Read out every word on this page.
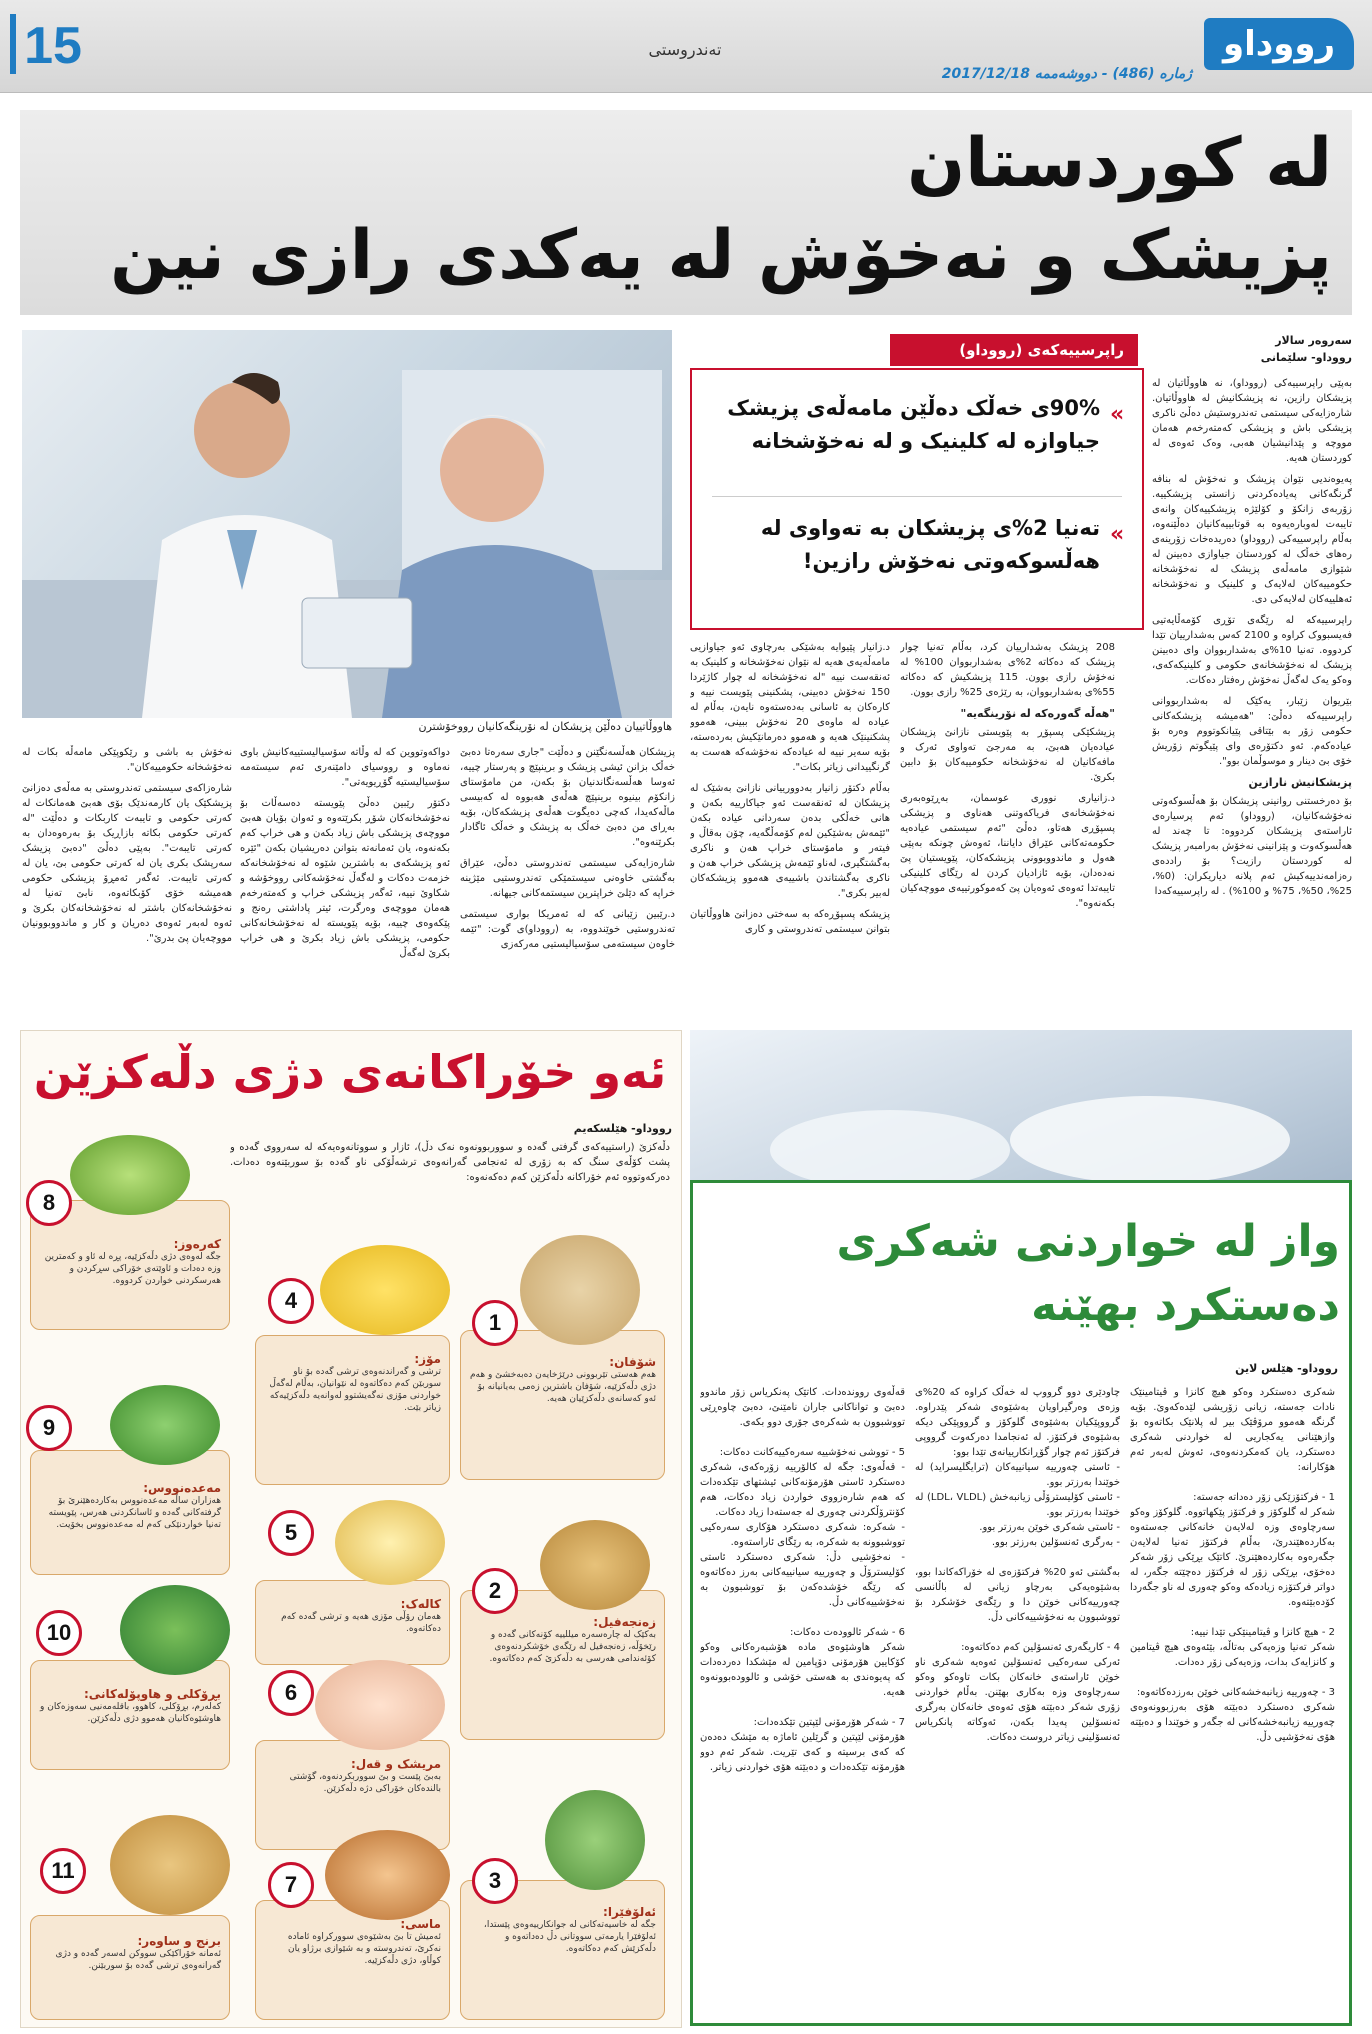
15	تەندروستی	رووداو
ژمارە (486) - دووشەممە 2017/12/18
لە کوردستان
پزیشک و نەخۆش لە یەکدی رازی نین
هاووڵاتییان دەڵێن پزیشکان لە نۆرینگەکانیان رووخۆشترن
راپرسییەکەی (رووداو)
«
90%ی خەڵک دەڵێن مامەڵەی پزیشک جیاوازە لە کلینیک و لە نەخۆشخانە
«
تەنیا 2%ی پزیشکان بە تەواوی لە هەڵسوکەوتی نەخۆش رازین!
سەروەر سالار
رووداو- سلێمانی

بەپێی راپرسییەکی (رووداو)، نە هاووڵاتیان لە پزیشکان رازین، نە پزیشکانیش لە هاووڵاتیان. شارەزایەکی سیستمی تەندروستیش دەڵێ ناکری پزیشکی باش و پزیشکی کەمتەرخەم هەمان مووچە و پێدانیشیان هەبی، وەک ئەوەی لە کوردستان هەیە.

پەیوەندیی نێوان پزیشک و نەخۆش لە بنافە گرنگەکانی پەیادەکردنی زانستی پزیشکییە. زۆربەی زانکۆ و کۆلێژە پزیشکییەکان وانەی تایبەت لەوبارەیەوە بە قوتابییەکانیان دەڵێنەوە، بەڵام راپرسییەکی (رووداو) دەریدەخات زۆرینەی رەهای خەڵک لە کوردستان جیاوازی دەبینن لە شێوازی مامەڵەی پزیشک لە نەخۆشخانە حکومییەکان لەلایەک و کلینیک و نەخۆشخانە ئەهلییەکان لەلایەکی دی.

راپرسییەکە لە رێگەی تۆڕی کۆمەڵایەتیی فەیسبووک کراوە و 2100 کەس بەشدارییان تێدا کردووە. تەنیا 10%ی بەشداربووان وای دەبینن پزیشک لە نەخۆشخانەی حکومی و کلینیکەکەی، وەکو یەک لەگەڵ نەخۆش رەفتار دەکات.

بێریوان زێبار، یەکێک لە بەشداربووانی راپرسییەکە دەڵێ: "هەمیشە پزیشکەکانی حکومی زۆر بە بێتاقی پێیانکوتووم وەرە بۆ عیادەکەم. ئەو دکتۆرەی وای پێیگوتم زۆریش خۆی بێ دینار و موسوڵمان بوو".

پزیشکانیش نارازین

بۆ دەرخستنی روانینی پزیشکان بۆ هەڵسوکەوتی نەخۆشەکانیان، (رووداو) ئەم پرسیارەی ئاراستەی پزیشکان کردووە: تا چەند لە هەڵسوکەوت و پێزانینی نەخۆش بەرامبەر پزیشک لە کوردستان رازیت؟ بۆ راددەی رەزامەندییەکیش ئەم پلانە دیاریکران: (0%، 25%، 50%، 75% و 100%) . لە راپرسییەکەدا

208 پزیشک بەشدارییان کرد، بەڵام تەنیا چوار پزیشک کە دەکاتە 2%ی بەشداربووان 100% لە نەخۆش رازی بوون. 115 پزیشکیش کە دەکاتە 55%ی بەشداربووان، بە رێژەی 25% رازی بوون.

"هەڵە گەورەکە لە نۆرینگەیە"

پزیشکێکی پسپۆڕ بە پێویستی نازانێ پزیشکان عیادەیان هەبێ، بە مەرجێ تەواوی ئەرک و مافەکانیان لە نەخۆشخانە حکومییەکان بۆ دابین بکرێ.

د.زانیاری نووری عوسمان، بەڕێوەبەری نەخۆشخانەی فریاکەوتنی هەناوی و پزیشکی پسپۆڕی هەتاو، دەڵێ "ئەم سیستمی عیادەیە حکومەتەکانی عێراق دایاننا، ئەوەش چونکە بەپێی هەول و ماندووبوونی پزیشکەکان، پێویستیان پێ نەدەدان، بۆیە ئازادیان کردن لە رێگای کلینیکی تایبەتدا ئەوەی ئەوەیان پێ کەموکورتییەی مووچەکیان بکەنەوە".

د.زانیار پێیوایە بەشێکی بەرچاوی ئەو جیاوازیی مامەڵەیەی هەیە لە نێوان نەخۆشخانە و کلینیک بە ئەنقەست نییە "لە نەخۆشخانە لە چوار کاژێردا 150 نەخۆش دەبینی، پشکنینی پێویست نییە و کارەکان بە ئاسانی بەدەستەوە نایەن، بەڵام لە عیادە لە ماوەی 20 نەخۆش ببینی، هەموو پشکنینێک هەیە و هەموو دەرمانێکیش بەردەستە، بۆیە سەیر نییە لە عیادەکە نەخۆشەکە هەست بە گرنگییدانی زیاتر بکات".

بەڵام دکتۆر زانیار بەدوورییانی نازانێ بەشێک لە پزیشکان لە ئەنقەست ئەو جیاکارییە بکەن و هانی خەڵکی بدەن سەردانی عیادە بکەن "ئێمەش بەشێکین لەم کۆمەڵگەیە، چۆن بەقاڵ و فیتەر و مامۆستای خراپ هەن و ناکری بەگشتگیری، لەناو ئێمەش پزیشکی خراپ هەن و ناکری بەگشتاندن باشییەی هەموو پزیشکەکان لەبیر بکری".

پزیشکە پسپۆڕەکە بە سەختی دەزانێ هاووڵاتیان بتوانن سیستمی تەندروستی و کاری

پزیشکان هەڵسەنگێنن و دەڵێت "جاری سەرەتا دەبێ خەڵک بزانن ئیشی پزیشک و برینپێچ و پەرستار چییە، ئەوسا هەڵسەنگاندنیان بۆ بکەن، من مامۆستای زانکۆم بینیوە برینپێچ هەڵەی هەبووە لە کەبیسی ماڵەکەیدا، کەچی دەیگوت هەڵەی پزیشکەکان، بۆیە بەڕای من دەبێ خەڵک بە پزیشک و خەڵک ئاگادار بکرێنەوە".

شارەزایەکی سیستمی تەندروستی دەڵێ، عێراق بەگشتی خاوەنی سیستمێکی تەندروستیی مێژینە خراپە کە دێلێ خراپترین سیستمەکانی جیهانە.

د.رێبین زێبانی کە لە ئەمریکا بواری سیستمی تەندروستیی خوێندووە، بە (رووداو)ی گوت: "ئێمە خاوەن سیستەمی سۆسیالیستیی مەرکەزی

دواکەوتووین کە لە وڵاتە سۆسیالیستییەکانیش باوی نەماوە و رووسیای دامێنەری ئەم سیستەمە سۆسیالیستیە گۆڕیویەتی".

دکتۆر رێبین دەڵێ پێویستە دەسەڵات بۆ نەخۆشخانەکان شۆڕ بکرێتەوە و ئەوان بۆیان هەبێ مووچەی پزیشکی باش زیاد بکەن و هی خراپ کەم بکەنەوە، یان ئەمانەتە بتوانن دەریشیان بکەن "ئێرە ئەو پزیشکەی بە باشترین شێوە لە نەخۆشخانەکە خزمەت دەکات و لەگەڵ نەخۆشەکانی رووخۆشە و شکاوێ نییە، ئەگەر پزیشکی خراپ و کەمتەرخەم هەمان مووچەی وەرگرت، ئیتر پاداشتی رەنج و پێکەوەی چییە، بۆیە پێویستە لە نەخۆشخانەکانی حکومی، پزیشکی باش زیاد بکرێ و هی خراپ بکرێ لەگەڵ

نەخۆش بە باشی و رێکوپێکی مامەڵە بکات لە نەخۆشخانە حکومییەکان".

شارەزاکەی سیستمی تەندروستی بە مەڵەی دەزانێ پزیشکێک یان کارمەندێک بۆی هەبێ هەمانکات لە کەرتی حکومی و تایبەت کاربکات و دەڵێت "لە کەرتی حکومی بکاتە بازاڕیک بۆ بەرەوەدان بە کەرتی تایبەت". بەپێی دەڵێ "دەبێ پزیشک سەرپشک بکری یان لە کەرتی حکومی بێ، یان لە کەرتی تایبەت. ئەگەر ئەمڕۆ پزیشکی حکومی هەمیشە خۆی کۆبکاتەوە، نابێ تەنیا لە نەخۆشخانەکان باشتر لە نەخۆشخانەکان بکرێ و ئەوە لەبەر ئەوەی دەریان و کار و ماندووبوونیان مووچەیان پێ بدرێ".

ئەو خۆراکانەی دژی دڵەکزێن
رووداو- هێلسکەیم
دڵەکزێ (راستییەکەی گرفتی گەدە و سووربوونەوە نەک دڵ)، ئازار و سووتانەوەیەکە لە سەرووی گەدە و پشت کۆڵەی سنگ کە بە زۆری لە ئەنجامی گەرانەوەی ترشەڵۆکی ناو گەدە بۆ سوربێنەوە دەدات. دەرکەوتووە ئەم خۆراکانە دڵەکزێن کەم دەکەنەوە:
شۆفان:
هەم هەستی تێربوونی درێژخایەن دەبەخشێ و هەم دژی دڵەکزێیە، شۆفان باشترین زەمی بەیانیانە بۆ ئەو کەسانەی دڵەکزێیان هەیە.
1
زەنجەفیل:
بەکێک لە چارەسەرە میللییە کۆنەکانی گەدە و رێخۆڵە، زەنجەفیل لە رێگەی خۆشکردنەوەی کۆئەندامی هەرسی بە دڵەکزێ کەم دەکاتەوە.
2
ئەلۆفێرا:
جگە لە خاسیەتەکانی لە جوانکارییەوەی پێستدا، ئەلۆفێرا یارمەتی سووتانی دڵ دەداتەوە و دڵەکزێش کەم دەکاتەوە.
3
مۆز:
ترشی و گەراندنەوەی ترشی گەدە بۆ ناو سوربێن کەم دەکاتەوە لە نێوانیان، بەڵام لەگەڵ خواردنی مۆزی نەگەیشتوو لەوانەیە دڵەکزێیەکە زیاتر بێت.
4
کالەک:
هەمان رۆڵی مۆزی هەیە و ترشی گەدە کەم دەکاتەوە.
5
مریشک و قەل:
بەبێ پێست و بێ سووربکردنەوە، گۆشتی بالندەکان خۆراکی دژە دڵەکزێن.
6
ماسی:
ئەمیش تا بێ بەشێوەی سوورکراوە ئامادە نەکرێ، تەندروستە و بە شێوازی برژاو یان کوڵاو، دژی دڵەکزێیە.
7
کەرەوز:
جگە لەوەی دژی دڵەکزێیە، پڕە لە ئاو و کەمترین وزە دەدات و ئاوێتەی خۆراکی سڕکردن و هەرسکردنی خواردن کردووە.
8
مەعدەنووس:
هەزاران ساڵە مەعدەنووس بەکاردەهێنرێ بۆ گرفتەکانی گەدە و ئاسانکردنی هەرس، پێویستە تەنیا خواردنێکی کەم لە مەعدەنووس بخۆیت.
9
بڕۆکلی و هاوپۆلەکانی:
کەلەرم، بڕۆکلی، کاهوو، باقلەمەنیی سەوزەکان و هاوشێوەکانیان هەموو دژی دڵەکزێن.
10
برنج و ساوەر:
ئەمانە خۆراکێکی سووکن لەسەر گەدە و دژی گەرانەوەی ترشی گەدە بۆ سوربێنن.
11
واز لە خواردنی شەکری
دەستکرد بهێنە
رووداو- هێلس لاین
شەکری دەستکرد وەکو هیچ کانزا و ڤیتامینێک نادات جەستە، زیانی زۆریشی لێدەکەوێ. بۆیە گرنگە هەموو مرۆڤێک بیر لە پلانێک بکاتەوە بۆ وازهێنانی یەکجاریی لە خواردنی شەکری دەستکرد، یان کەمکردنەوەی، ئەوش لەبەر ئەم هۆکارانە:

1 - فرکتۆزێکی زۆر دەداتە جەستە:
شەکر لە گلوکۆز و فرکتۆز پێکهاتووە. گلوکۆز وەکو سەرچاوەی وزە لەلایەن خانەکانی جەستەوە بەکاردەهێندرێ، بەڵام فرکتۆز تەنیا لەلایەن جگەرەوە بەکاردەهێنرێ. کاتێک بڕێکی زۆر شەکر دەخۆی، بڕێکی زۆر لە فرکتۆز دەچێتە جگەر، لە دواتر فرکتۆزە زیادەکە وەکو چەوری لە ناو جگەردا کۆدەبێتەوە.

2 - هیچ کانزا و ڤیتامینێکی تێدا نییە:
شەکر تەنیا وزەیەکی بەتاڵە، بێئەوەی هیچ ڤیتامین و کانزایەک بدات، وزەیەکی زۆر دەدات.

3 - چەورییە زیانبەخشەکانی خوێن بەرزدەکاتەوە:
شەکری دەستکرد دەبێتە هۆی بەرزبوونەوەی چەورییە زیانبەخشەکانی لە جگەر و خوێندا و دەبێتە هۆی نەخۆشیی دڵ.
چاودێری دوو گرووپ لە خەڵک کراوە کە 20%ی وزەی وەرگیراویان بەشێوەی شەکر پێدراوە. گرووپێکیان بەشێوەی گلوکۆز و گرووپێکی دیکە بەشێوەی فرکتۆز. لە ئەنجامدا دەرکەوت گرووپی فرکتۆز ئەم چوار گۆڕانکارییانەی تێدا بوو:
- ئاستی چەورییە سیانییەکان (ترایگلیسراید) لە خوێندا بەرزتر بوو.
- ئاستی کۆلیسترۆڵی زیانبەخش (LDL، VLDL) لە خوێندا بەرزتر بوو.
- ئاستی شەکری خوێن بەرزتر بوو.
- بەرگری ئەنسۆلین بەرزتر بوو.

بەگشتی ئەو 20% فرکتۆزەی لە خۆراکەکاندا بوو، بەشێوەیەکی بەرچاو زیانی لە باڵانسی چەورییەکانی خوێن دا و رێگەی خۆشکرد بۆ تووشبوون بە نەخۆشییەکانی دڵ.

4 - کاریگەری ئەنسۆلین کەم دەکاتەوە:
ئەرکی سەرەکیی ئەنسۆلین ئەوەیە شەکری ناو خوێن ئاراستەی خانەکان بکات تاوەکو وەکو سەرچاوەی وزە بەکاری بهێنن. بەڵام خواردنی زۆری شەکر دەبێتە هۆی ئەوەی خانەکان بەرگری ئەنسۆلین پەیدا بکەن، ئەوکاتە پانکریاس ئەنسۆلینی زیاتر دروست دەکات.
قەڵەوی رووندەدات. کاتێک پەنکریاس زۆر ماندوو دەبێ و تواناکانی جاران نامێنێ، دەبێ چاوەڕێی تووشبوون بە شەکرەی جۆری دوو بکەی.

5 - تووشی نەخۆشییە سەرەکییەکانت دەکات:
- قەڵەوی: جگە لە کالۆرییە زۆرەکەی، شەکری دەستکرد ئاستی هۆرمۆنەکانی ئیشتهای تێکدەدات کە هەم شارەزووی خواردن زیاد دەکات، هەم کۆنترۆڵکردنی چەوری لە جەستەدا زیاد دەکات.
- شەکرە: شەکری دەستکرد هۆکاری سەرەکیی تووشبوونە بە شەکرە، بە رێگای ئاراستەوە.
- نەخۆشیی دڵ: شەکری دەستکرد ئاستی کۆلیسترۆڵ و چەورییە سیانییەکانی بەرز دەکاتەوە کە رێگە خۆشدەکەن بۆ تووشبوون بە نەخۆشییەکانی دڵ.

6 - شەکر ئالوودەت دەکات:
شەکر هاوشێوەی مادە هۆشبەرەکانی وەکو کۆکایین هۆرمۆنی دۆپامین لە مێشکدا دەردەدات کە پەیوەندی بە هەستی خۆشی و ئالوودەبوونەوە هەیە.

7 - شەکر هۆرمۆنی لێپتین تێکدەدات:
هۆرمۆنی لێپتین و گرێلین ئاماژە بە مێشک دەدەن کە کەی برسیتە و کەی تێریت. شەکر ئەم دوو هۆرمۆنە تێکدەدات و دەبێتە هۆی خواردنی زیاتر.
